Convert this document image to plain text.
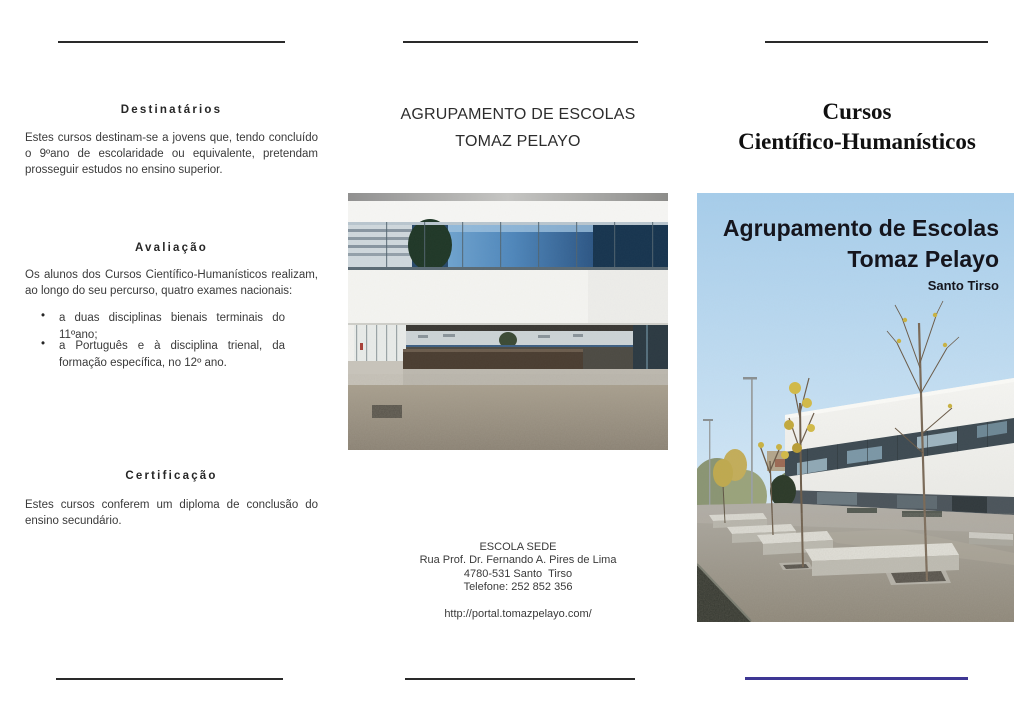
Destinatários
Estes cursos destinam-se a jovens que, tendo concluído o 9ºano de escolaridade ou equivalente, pretendam prosseguir estudos no ensino superior.
Avaliação
Os alunos dos Cursos Científico-Humanísticos realizam, ao longo do seu percurso, quatro exames nacionais:
•	a duas disciplinas bienais terminais do 11ºano;
•	a Português e à disciplina trienal, da formação específica, no 12º ano.
Certificação
Estes cursos conferem um diploma de conclusão do ensino secundário.
AGRUPAMENTO DE ESCOLAS
TOMAZ PELAYO
ESCOLA SEDE
Rua Prof. Dr. Fernando A. Pires de Lima
4780-531 Santo  Tirso
Telefone: 252 852 356
http://portal.tomazpelayo.com/
Cursos
Científico-Humanísticos
Agrupamento de Escolas
Tomaz Pelayo
Santo Tirso
